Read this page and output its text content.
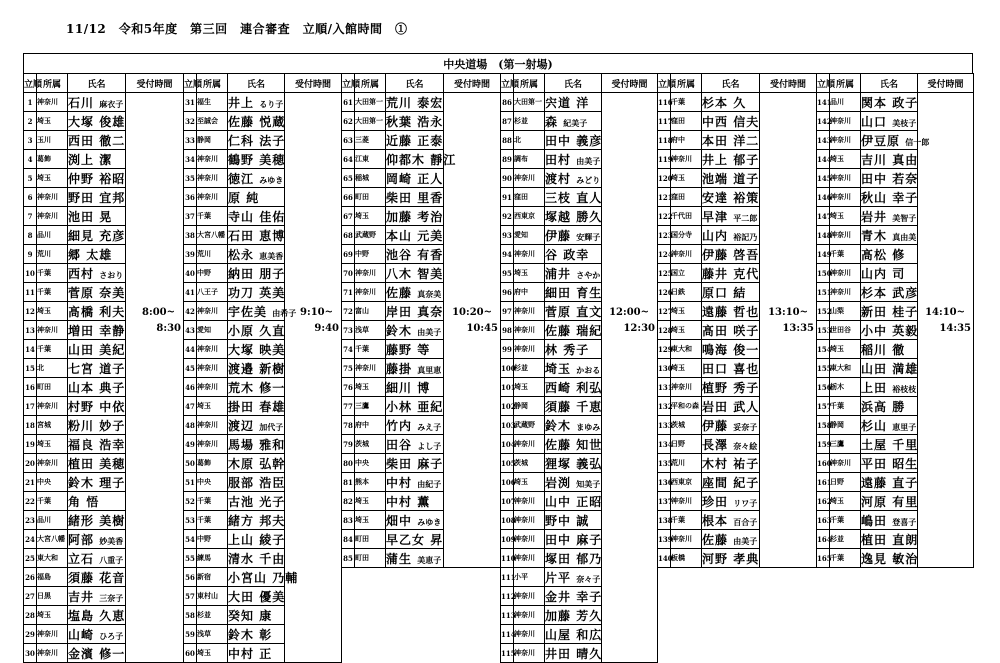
11/12　令和5年度　第三回　連合審査　立順/入館時間　①
中央道場　(第一射場)
立順	所属	氏名	受付時間
1	神奈川	石川 麻衣子	8:00~
8:30

2	埼玉	大塚 俊雄	
3	玉川	西田 徹二	
4	葛飾	渕上 潔	
5	埼玉	仲野 裕昭	
6	神奈川	野田 宜邦	
7	神奈川	池田 晃	
8	品川	細見 充彦	
9	荒川	郷 太雄	
10	千葉	西村 さおり	
11	千葉	菅原 奈美	
12	埼玉	髙橋 利夫	
13	神奈川	増田 幸静	
14	千葉	山田 美紀	
15	北	七宮 道子	
16	町田	山本 典子	
17	神奈川	村野 中依	
18	宮城	粉川 妙子	
19	埼玉	福良 浩幸	
20	神奈川	植田 美穂	
21	中央	鈴木 理子	
22	千葉	角 悟	
23	品川	緒形 美樹	
24	大宮八幡	阿部 妙美香	
25	東大和	立石 八重子	
26	福島	須藤 花音	
27	日黒	吉井 三奈子	
28	埼玉	塩島 久恵	
29	神奈川	山崎 ひろ子	
30	神奈川	金濱 修一	
立順	所属	氏名	受付時間
31	福生	井上 るり子	9:10~
9:40

32	至誠会	佐藤 悦蔵	
33	静岡	仁科 法子	
34	神奈川	鶴野 美穂	
35	神奈川	徳江 みゆき	
36	神奈川	原 純	
37	千葉	寺山 佳佑	
38	大宮八幡	石田 恵博	
39	荒川	松永 恵美香	
40	中野	納田 朋子	
41	八王子	功刀 英美	
42	神奈川	宇佐美 由希子	
43	愛知	小原 久直	
44	神奈川	大塚 映美	
45	神奈川	渡邉 新樹	
46	神奈川	荒木 修一	
47	埼玉	掛田 春雄	
48	神奈川	渡辺 加代子	
49	神奈川	馬場 雅和	
50	葛飾	木原 弘幹	
51	中央	服部 浩臣	
52	千葉	古池 光子	
53	千葉	緒方 邦夫	
54	中野	上山 綾子	
55	練馬	清水 千由	
56	新宿	小宮山 乃輔	
57	東村山	大田 優美	
58	杉並	癸知 康	
59	浅草	鈴木 彰	
60	埼玉	中村 正	
立順	所属	氏名	受付時間
61	大田第一	荒川 泰宏	10:20~
10:45

62	大田第一	秋葉 浩永	
63	三菱	近藤 正泰	
64	江東	仰都木 靜江	
65	稲城	岡崎 正人	
66	町田	柴田 里香	
67	埼玉	加藤 考治	
68	武蔵野	本山 元美	
69	中野	池谷 有香	
70	神奈川	八木 智美	
71	神奈川	佐藤 真奈美	
72	富山	岸田 真奈	
73	浅草	鈴木 由美子	
74	千葉	藤野 等	
75	神奈川	藤掛 真里恵	
76	埼玉	細川 博	
77	三鷹	小林 亜紀	
78	府中	竹内 みえ子	
79	茨城	田谷 よし子	
80	中央	柴田 麻子	
81	熊本	中村 由紀子	
82	埼玉	中村 薫	
83	埼玉	畑中 みゆき	
84	町田	早乙女 昇	
85	町田	蒲生 美恵子	
立順	所属	氏名	受付時間
86	大田第一	宍道 洋	12:00~
12:30

87	杉並	森 紀美子	
88	北	田中 義彦	
89	調布	田村 由美子	
90	神奈川	渡村 みどり	
91	窪田	三枝 直人	
92	西東京	塚越 勝久	
93	愛知	伊藤 安輝子	
94	神奈川	谷 政幸	
95	埼玉	浦井 さやか	
96	府中	細田 育生	
97	神奈川	菅原 直文	
98	神奈川	佐藤 瑞紀	
99	神奈川	林 秀子	
100	杉並	埼玉 かおる	
101	埼玉	西崎 利弘	
102	静岡	須藤 千恵	
103	武蔵野	鈴木 まゆみ	
104	神奈川	佐藤 知世	
105	茨城	狸塚 義弘	
106	埼玉	岩渕 知美子	
107	神奈川	山中 正昭	
108	神奈川	野中 誠	
109	神奈川	田中 麻子	
110	神奈川	塚田 郁乃	
111	小平	片平 奈々子	
112	神奈川	金井 幸子	
113	神奈川	加藤 芳久	
114	神奈川	山屋 和広	
115	神奈川	井田 晴久	
立順	所属	氏名	受付時間
116	千葉	杉本 久	13:10~
13:35

117	窪田	中西 信夫	
118	府中	本田 洋二	
119	神奈川	井上 郁子	
120	埼玉	池端 道子	
121	窪田	安達 裕策	
122	千代田	早津 平二郎	
123	国分寺	山内 裕記乃	
124	神奈川	伊藤 啓吾	
125	国立	藤井 克代	
126	日鉄	原口 結	
127	埼玉	遠藤 哲也	
128	埼玉	髙田 咲子	
129	東大和	鳴海 俊一	
130	埼玉	田口 喜也	
131	神奈川	植野 秀子	
132	平和の森	岩田 武人	
133	茨城	伊藤 妥奈子	
134	日野	長澤 奈々絵	
135	荒川	木村 祐子	
136	西東京	座間 紀子	
137	神奈川	珍田 リワ子	
138	千葉	根本 百合子	
139	神奈川	佐藤 由美子	
140	板橋	河野 孝典	
立順	所属	氏名	受付時間
141	品川	関本 政子	14:10~
14:35

142	神奈川	山口 美枝子	
143	神奈川	伊豆原 信一郎	
144	埼玉	吉川 真由	
145	神奈川	田中 若奈	
146	神奈川	秋山 幸子	
147	埼玉	岩井 美智子	
148	神奈川	青木 真由美	
149	千葉	髙松 修	
150	神奈川	山内 司	
151	神奈川	杉本 武彦	
152	山梨	新田 桂子	
153	世田谷	小中 英毅	
154	埼玉	稲川 徹	
155	東大和	山田 満雄	
156	栃木	上田 裕枝枝	
157	千葉	浜高 勝	
158	静岡	杉山 恵里子	
159	三鷹	土屋 千里	
160	神奈川	平田 昭生	
161	日野	遠藤 直子	
162	埼玉	河原 有里	
163	千葉	嶋田 登喜子	
164	杉並	植田 直朗	
165	千葉	逸見 敏治	
